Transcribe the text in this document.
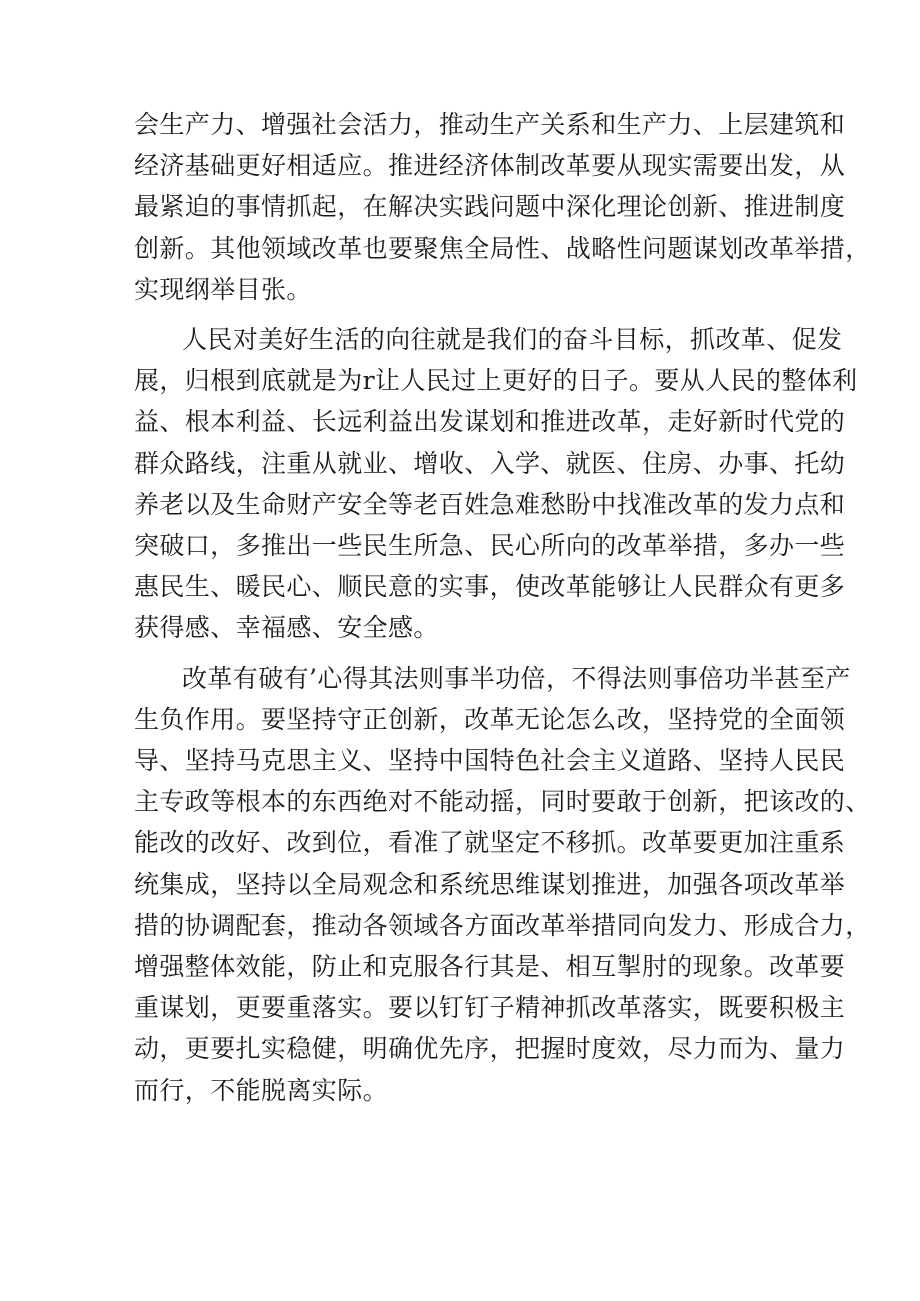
会生产力、增强社会活力，推动生产关系和生产力、上层建筑和
经济基础更好相适应。推进经济体制改革要从现实需要出发，从
最紧迫的事情抓起，在解决实践问题中深化理论创新、推进制度
创新。其他领域改革也要聚焦全局性、战略性问题谋划改革举措，
实现纲举目张。

人民对美好生活的向往就是我们的奋斗目标，抓改革、促发
展，归根到底就是为r让人民过上更好的日子。要从人民的整体利
益、根本利益、长远利益出发谋划和推进改革，走好新时代党的
群众路线，注重从就业、增收、入学、就医、住房、办事、托幼
养老以及生命财产安全等老百姓急难愁盼中找准改革的发力点和
突破口，多推出一些民生所急、民心所向的改革举措，多办一些
惠民生、暖民心、顺民意的实事，使改革能够让人民群众有更多
获得感、幸福感、安全感。

改革有破有’心得其法则事半功倍，不得法则事倍功半甚至产
生负作用。要坚持守正创新，改革无论怎么改，坚持党的全面领
导、坚持马克思主义、坚持中国特色社会主义道路、坚持人民民
主专政等根本的东西绝对不能动摇，同时要敢于创新，把该改的、
能改的改好、改到位，看准了就坚定不移抓。改革要更加注重系
统集成，坚持以全局观念和系统思维谋划推进，加强各项改革举
措的协调配套，推动各领域各方面改革举措同向发力、形成合力，
增强整体效能，防止和克服各行其是、相互掣肘的现象。改革要
重谋划，更要重落实。要以钉钉子精神抓改革落实，既要积极主
动，更要扎实稳健，明确优先序，把握时度效，尽力而为、量力
而行，不能脱离实际。
